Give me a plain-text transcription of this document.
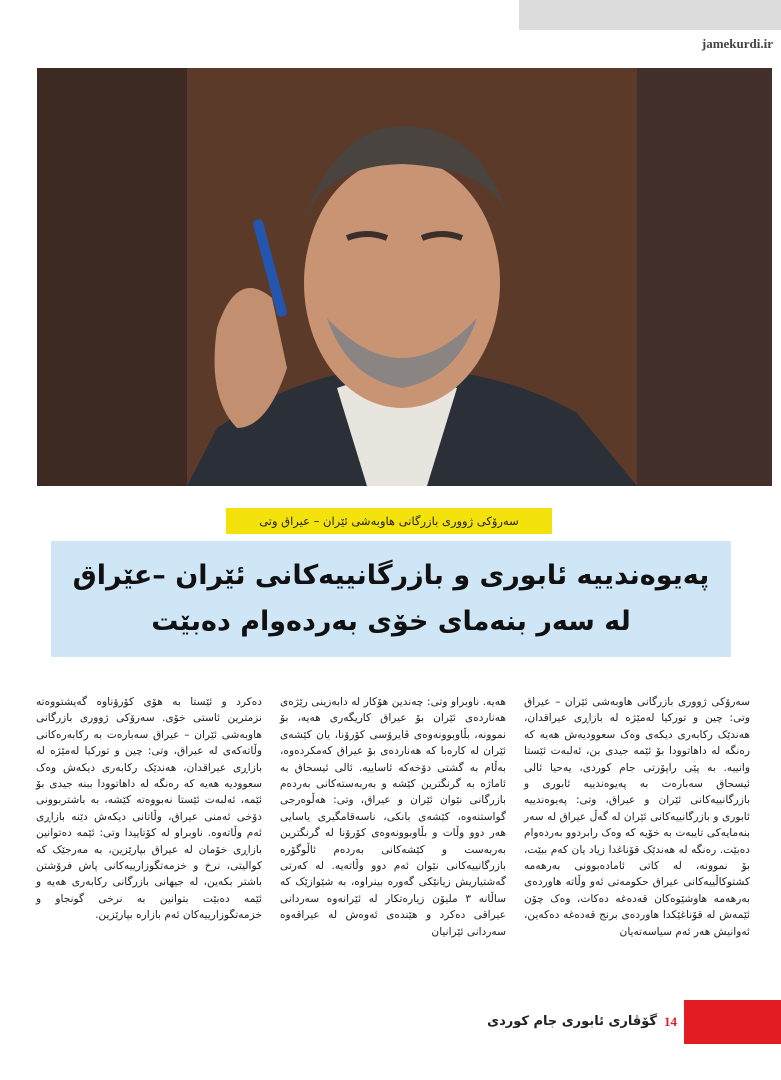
jamekurdi.ir
سەرۆکی ژووری بازرگانی هاوبەشی ئێران – عیراق وتی
پەیوەندییە ئابوری و بازرگانییەکانی ئێران –عێراق
لە سەر بنەمای خۆی بەردەوام دەبێت

سەرۆکی ژووری بازرگانی هاوبەشی ئێران – عیراق وتی: چین و تورکیا لەمێژە لە بازاڕی عیراقدان، هەندێک رکابەری دیکەی وەک سعوودیەش هەیە کە رەنگە لە داهاتوودا بۆ ئێمە جیدی بن، ئەلبەت ئێستا وانییە. بە پێی راپۆرتی جام کوردی، یەحیا ئالی ئیسحاق سەبارەت بە پەیوەندییە ئابوری و بازرگانییەکانی ئێران و عیراق، وتی: پەیوەندییە ئابوری و بازرگانییەکانی ئێران لە گەڵ عیراق لە سەر بنەمایەکی تایبەت بە خۆیە کە وەک رابردوو بەردەوام دەبێت. رەنگە لە هەندێک قۆناغدا زیاد یان کەم ببێت، بۆ نموونە، لە کاتی ئامادەبوونی بەرهەمە کشتوکاڵییەکانی عیراق حکومەتی ئەو وڵاتە هاوردەی بەرهەمە هاوشێوەکان قەدەغە دەکات، وەک چۆن ئێمەش لە قۆناغێکدا هاوردەی برنج قەدەغە دەکەین، ئەوانیش هەر ئەم سیاسەتەیان

هەیە. ناوبراو وتی: چەندین هۆکار لە دابەزینی رێژەی هەناردەی ئێران بۆ عیراق کاریگەری هەیە، بۆ نموونە، بڵاوبوونەوەی ڤایرۆسی کۆرۆنا، یان کێشەی ئێران لە کارەبا کە هەناردەی بۆ عیراق کەمکردەوە، بەڵام بە گشتی دۆخەکە ئاساییە. ئالی ئیسحاق بە ئاماژە بە گرنگترین کێشە و بەربەستەکانی بەردەم بازرگانی نێوان ئێران و عیراق، وتی: هەڵوەرجی گواستنەوە، کێشەی بانکی، ناسەقامگیری یاسایی هەر دوو وڵات و بڵاوبوونەوەی کۆرۆنا لە گرنگترین بەربەست و کێشەکانی بەردەم ئاڵوگۆرە بازرگانییەکانی نێوان ئەم دوو وڵاتەیە. لە کەرتی گەشتیاریش زیانێکی گەورە بینراوە، بە شێوازێک کە ساڵانە ٣ ملیۆن زیارەتکار لە ئێرانەوە سەردانی عیراقی دەکرد و هێندەی ئەوەش لە عیراقەوە سەردانی ئێرانیان

دەکرد و ئێستا بە هۆی کۆرۆناوە گەیشتووەتە نزمترین ئاستی خۆی. سەرۆکی ژووری بازرگانی هاوبەشی ئێران – عیراق سەبارەت بە رکابەرەکانی وڵاتەکەی لە عیراق، وتی: چین و تورکیا لەمێژە لە بازاڕی عیراقدان، هەندێک رکابەری دیکەش وەک سعوودیە هەیە کە رەنگە لە داهاتوودا ببنە جیدی بۆ ئێمە، ئەلبەت ئێستا نەبووەتە کێشە، بە باشتربوونی دۆخی ئەمنی عیراق، وڵاتانی دیکەش دێنە بازاڕی ئەم وڵاتەوە. ناوبراو لە کۆتاییدا وتی: ئێمە دەتوانین بازاڕی خۆمان لە عیراق بپارێزین، بە مەرجێک کە کوالیتی، نرخ و خزمەتگوزارییەکانی پاش فرۆشتن باشتر بکەین، لە جیهانی بازرگانی رکابەری هەیە و ئێمە دەبێت بتوانین بە نرخی گونجاو و خزمەتگوزارییەکان ئەم بازارە بپارێزین.

14
گۆڤاری ئابوری جام کوردی
